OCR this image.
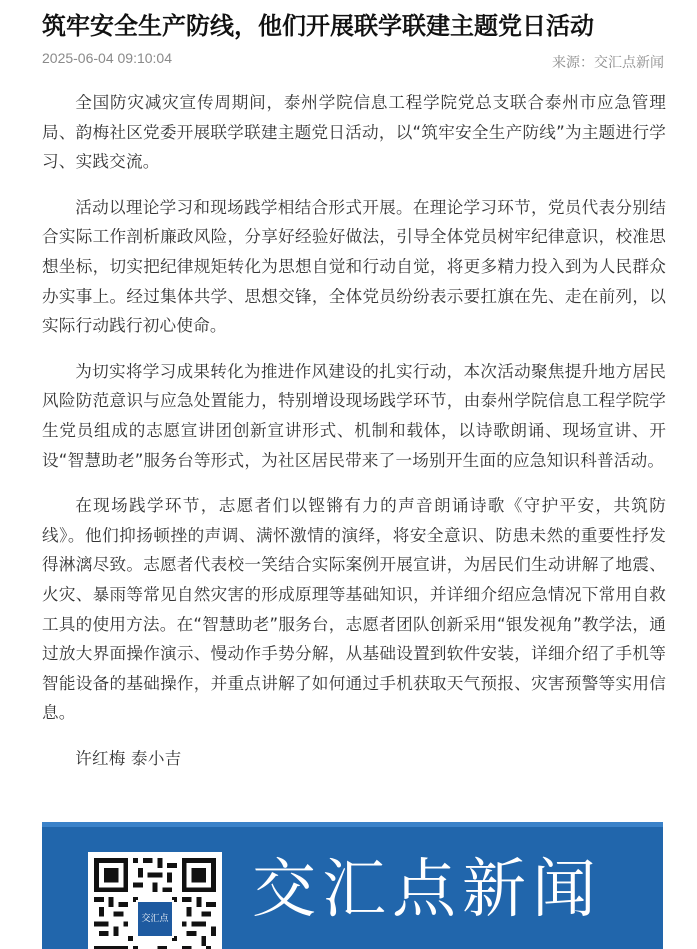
筑牢安全生产防线，他们开展联学联建主题党日活动
2025-06-04 09:10:04	来源：交汇点新闻

全国防灾减灾宣传周期间，泰州学院信息工程学院党总支联合泰州市应急管理局、韵梅社区党委开展联学联建主题党日活动，以“筑牢安全生产防线”为主题进行学习、实践交流。

活动以理论学习和现场践学相结合形式开展。在理论学习环节，党员代表分别结合实际工作剖析廉政风险，分享好经验好做法，引导全体党员树牢纪律意识，校准思想坐标，切实把纪律规矩转化为思想自觉和行动自觉，将更多精力投入到为人民群众办实事上。经过集体共学、思想交锋，全体党员纷纷表示要扛旗在先、走在前列，以实际行动践行初心使命。

为切实将学习成果转化为推进作风建设的扎实行动，本次活动聚焦提升地方居民风险防范意识与应急处置能力，特别增设现场践学环节，由泰州学院信息工程学院学生党员组成的志愿宣讲团创新宣讲形式、机制和载体，以诗歌朗诵、现场宣讲、开设“智慧助老”服务台等形式，为社区居民带来了一场别开生面的应急知识科普活动。

在现场践学环节，志愿者们以铿锵有力的声音朗诵诗歌《守护平安，共筑防线》。他们抑扬顿挫的声调、满怀激情的演绎，将安全意识、防患未然的重要性抒发得淋漓尽致。志愿者代表校一笑结合实际案例开展宣讲，为居民们生动讲解了地震、火灾、暴雨等常见自然灾害的形成原理等基础知识，并详细介绍应急情况下常用自救工具的使用方法。在“智慧助老”服务台，志愿者团队创新采用“银发视角”教学法，通过放大界面操作演示、慢动作手势分解，从基础设置到软件安装，详细介绍了手机等智能设备的基础操作，并重点讲解了如何通过手机获取天气预报、灾害预警等实用信息。

许红梅 泰小吉

交汇点 交汇点新闻
